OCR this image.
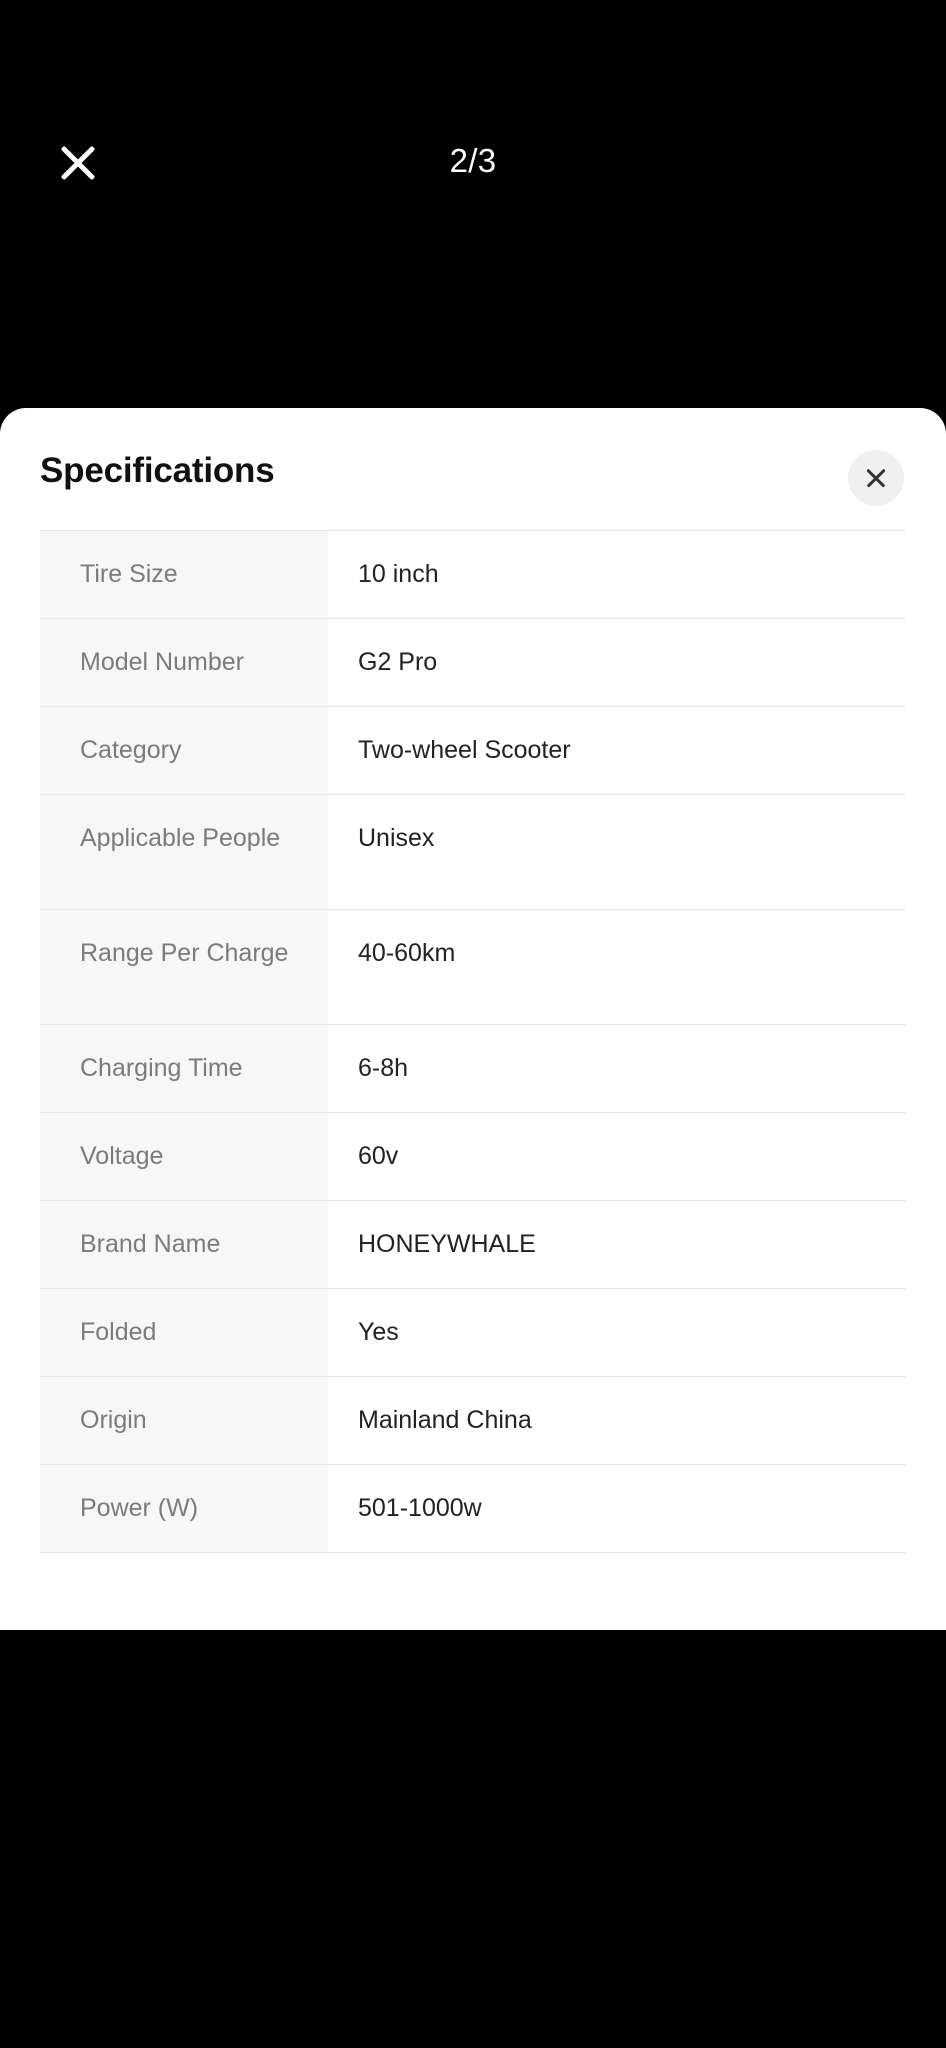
2/3
Specifications
Tire Size	10 inch
Model Number	G2 Pro
Category	Two-wheel Scooter
Applicable People	Unisex
Range Per Charge	40-60km
Charging Time	6-8h
Voltage	60v
Brand Name	HONEYWHALE
Folded	Yes
Origin	Mainland China
Power (W)	501-1000w
